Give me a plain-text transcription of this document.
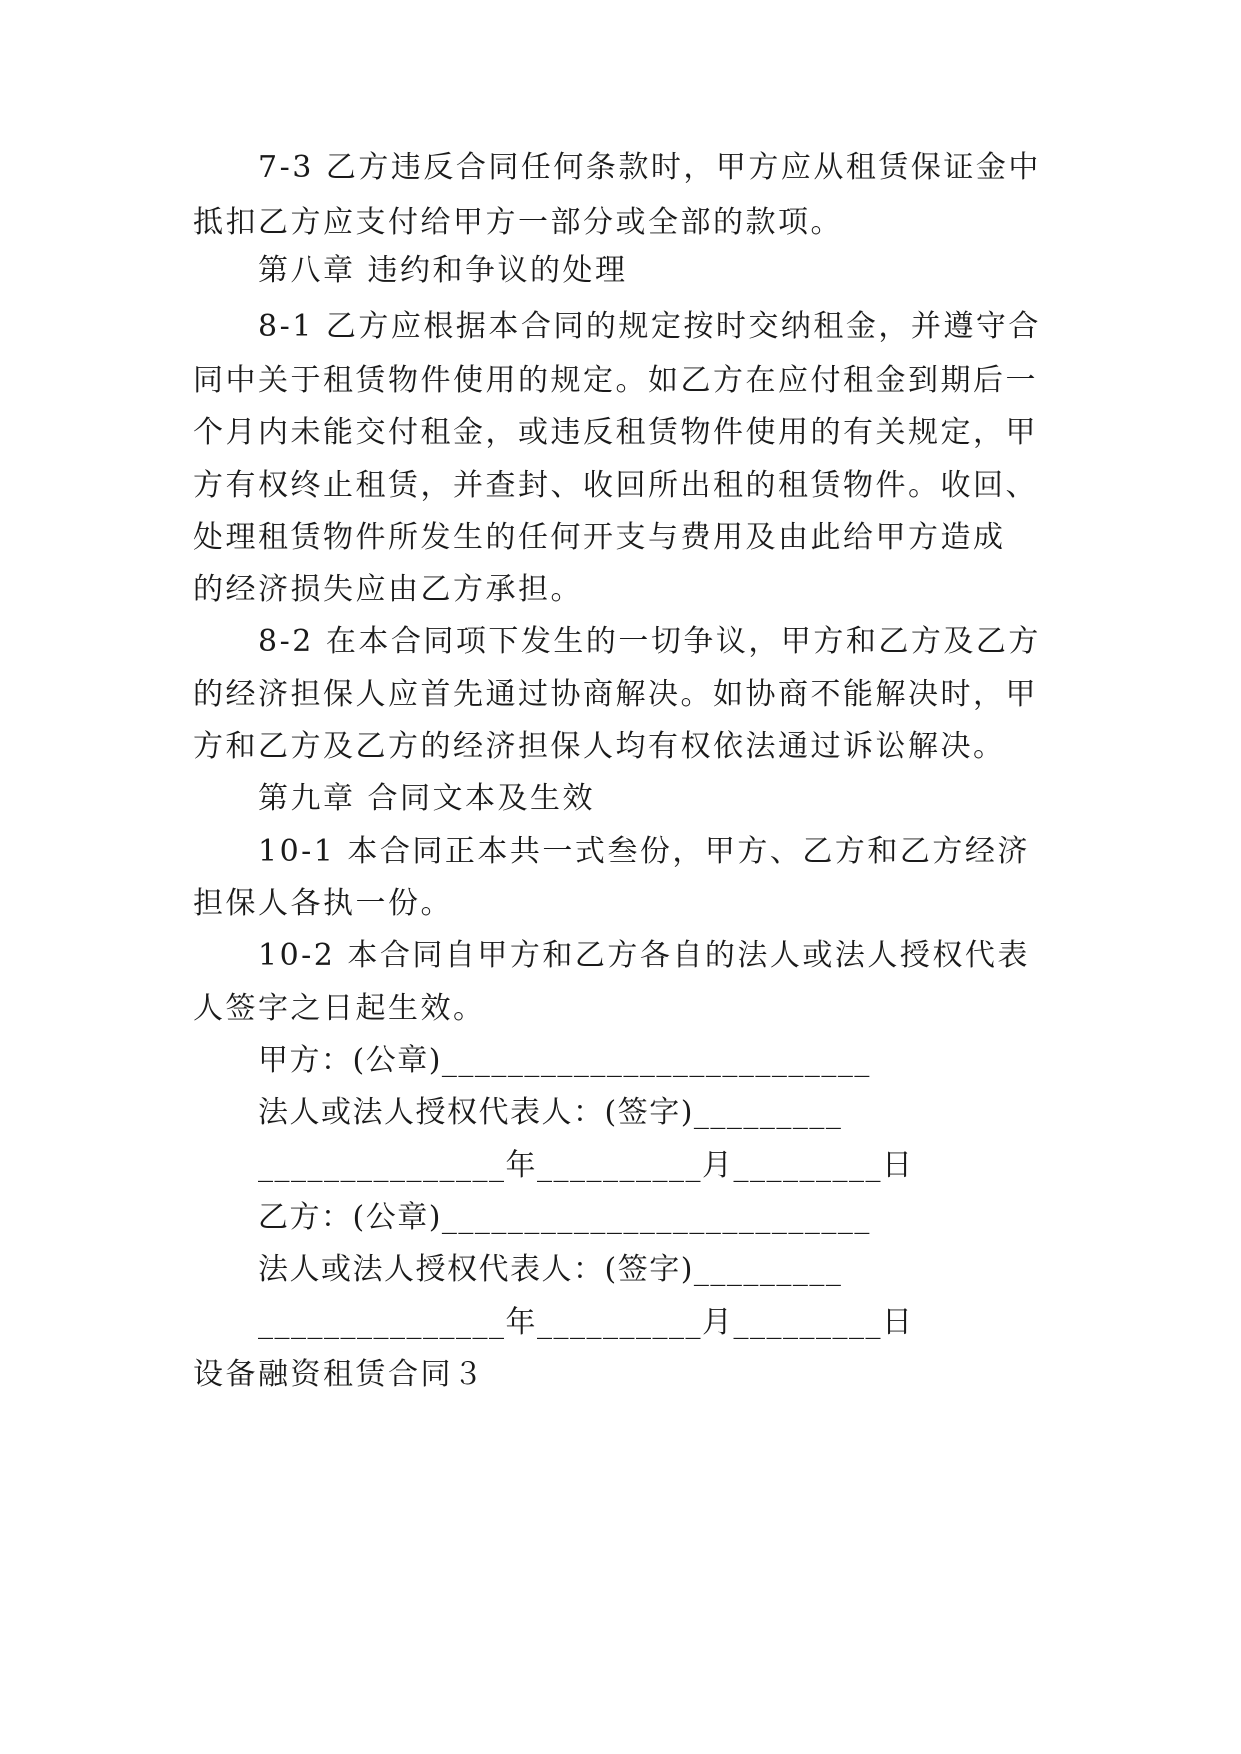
7-3 乙方违反合同任何条款时，甲方应从租赁保证金中
抵扣乙方应支付给甲方一部分或全部的款项。
第八章 违约和争议的处理
8-1 乙方应根据本合同的规定按时交纳租金，并遵守合
同中关于租赁物件使用的规定。如乙方在应付租金到期后一
个月内未能交付租金，或违反租赁物件使用的有关规定，甲
方有权终止租赁，并查封、收回所出租的租赁物件。收回、
处理租赁物件所发生的任何开支与费用及由此给甲方造成
的经济损失应由乙方承担。
8-2 在本合同项下发生的一切争议，甲方和乙方及乙方
的经济担保人应首先通过协商解决。如协商不能解决时，甲
方和乙方及乙方的经济担保人均有权依法通过诉讼解决。
第九章 合同文本及生效
10-1 本合同正本共一式叁份，甲方、乙方和乙方经济
担保人各执一份。
10-2 本合同自甲方和乙方各自的法人或法人授权代表
人签字之日起生效。
甲方：(公章)__________________________
法人或法人授权代表人：(签字)_________
_______________年__________月_________日
乙方：(公章)__________________________
法人或法人授权代表人：(签字)_________
_______________年__________月_________日
设备融资租赁合同３
